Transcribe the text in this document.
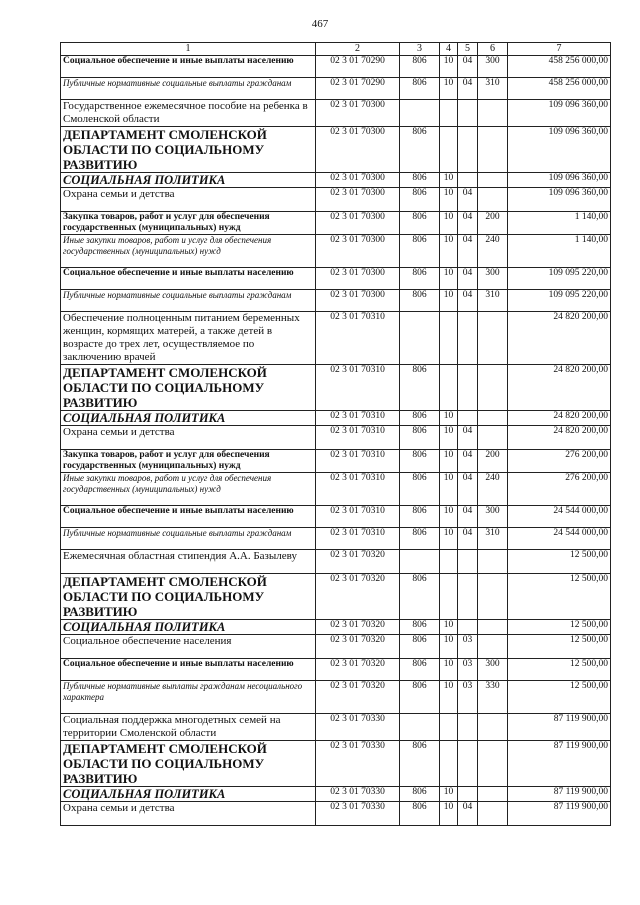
467
1	2	3	4	5	6	7
Социальное обеспечение и иные выплаты населению	02 3 01 70290	806	10	04	300	458 256 000,00
Публичные нормативные социальные выплаты гражданам	02 3 01 70290	806	10	04	310	458 256 000,00
Государственное ежемесячное пособие на ребенка в Смоленской области	02 3 01 70300					109 096 360,00
ДЕПАРТАМЕНТ СМОЛЕНСКОЙ ОБЛАСТИ ПО СОЦИАЛЬНОМУ РАЗВИТИЮ	02 3 01 70300	806				109 096 360,00
СОЦИАЛЬНАЯ ПОЛИТИКА	02 3 01 70300	806	10			109 096 360,00
Охрана семьи и детства	02 3 01 70300	806	10	04		109 096 360,00
Закупка товаров, работ и услуг для обеспечения государственных (муниципальных) нужд	02 3 01 70300	806	10	04	200	1 140,00
Иные закупки товаров, работ и услуг для обеспечения государственных (муниципальных) нужд	02 3 01 70300	806	10	04	240	1 140,00
Социальное обеспечение и иные выплаты населению	02 3 01 70300	806	10	04	300	109 095 220,00
Публичные нормативные социальные выплаты гражданам	02 3 01 70300	806	10	04	310	109 095 220,00
Обеспечение полноценным питанием беременных женщин, кормящих матерей, а также детей в возрасте до трех лет, осуществляемое по заключению врачей	02 3 01 70310					24 820 200,00
ДЕПАРТАМЕНТ СМОЛЕНСКОЙ ОБЛАСТИ ПО СОЦИАЛЬНОМУ РАЗВИТИЮ	02 3 01 70310	806				24 820 200,00
СОЦИАЛЬНАЯ ПОЛИТИКА	02 3 01 70310	806	10			24 820 200,00
Охрана семьи и детства	02 3 01 70310	806	10	04		24 820 200,00
Закупка товаров, работ и услуг для обеспечения государственных (муниципальных) нужд	02 3 01 70310	806	10	04	200	276 200,00
Иные закупки товаров, работ и услуг для обеспечения государственных (муниципальных) нужд	02 3 01 70310	806	10	04	240	276 200,00
Социальное обеспечение и иные выплаты населению	02 3 01 70310	806	10	04	300	24 544 000,00
Публичные нормативные социальные выплаты гражданам	02 3 01 70310	806	10	04	310	24 544 000,00
Ежемесячная областная стипендия А.А. Базылеву	02 3 01 70320					12 500,00
ДЕПАРТАМЕНТ СМОЛЕНСКОЙ ОБЛАСТИ ПО СОЦИАЛЬНОМУ РАЗВИТИЮ	02 3 01 70320	806				12 500,00
СОЦИАЛЬНАЯ ПОЛИТИКА	02 3 01 70320	806	10			12 500,00
Социальное обеспечение населения	02 3 01 70320	806	10	03		12 500,00
Социальное обеспечение и иные выплаты населению	02 3 01 70320	806	10	03	300	12 500,00
Публичные нормативные выплаты гражданам несоциального характера	02 3 01 70320	806	10	03	330	12 500,00
Социальная поддержка многодетных семей на территории Смоленской области	02 3 01 70330					87 119 900,00
ДЕПАРТАМЕНТ СМОЛЕНСКОЙ ОБЛАСТИ ПО СОЦИАЛЬНОМУ РАЗВИТИЮ	02 3 01 70330	806				87 119 900,00
СОЦИАЛЬНАЯ ПОЛИТИКА	02 3 01 70330	806	10			87 119 900,00
Охрана семьи и детства	02 3 01 70330	806	10	04		87 119 900,00
